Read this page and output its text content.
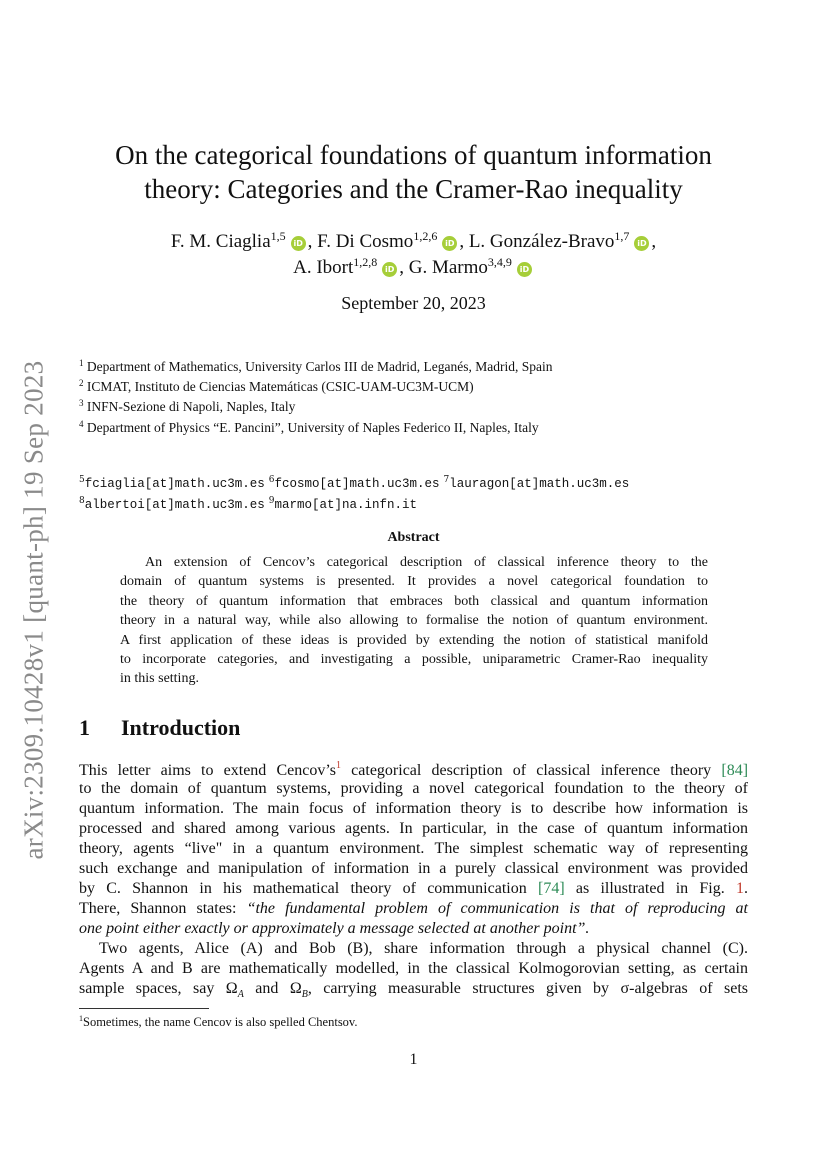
arXiv:2309.10428v1 [quant-ph] 19 Sep 2023
On the categorical foundations of quantum information
theory: Categories and the Cramer-Rao inequality
F. M. Ciaglia$^{1,5}$iD , F. Di Cosmo$^{1,2,6}$iD , L. González-Bravo$^{1,7}$iD ,
A. Ibort$^{1,2,8}$iD , G. Marmo$^{3,4,9}$iD
September 20, 2023
$^1$ Department of Mathematics, University Carlos III de Madrid, Leganés, Madrid, Spain
$^2$ ICMAT, Instituto de Ciencias Matemáticas (CSIC-UAM-UC3M-UCM)
$^3$ INFN-Sezione di Napoli, Naples, Italy
$^4$ Department of Physics “E. Pancini”, University of Naples Federico II, Naples, Italy
$^5$fciaglia[at]math.uc3m.es $^6$fcosmo[at]math.uc3m.es $^7$lauragon[at]math.uc3m.es
$^8$albertoi[at]math.uc3m.es $^9$marmo[at]na.infn.it
Abstract
An extension of Cencov’s categorical description of classical inference theory to the
domain of quantum systems is presented. It provides a novel categorical foundation to
the theory of quantum information that embraces both classical and quantum information
theory in a natural way, while also allowing to formalise the notion of quantum environment.
A first application of these ideas is provided by extending the notion of statistical manifold
to incorporate categories, and investigating a possible, uniparametric Cramer-Rao inequality
in this setting.
1 Introduction
This letter aims to extend Cencov’s$^1$ categorical description of classical inference theory [84]
to the domain of quantum systems, providing a novel categorical foundation to the theory of
quantum information. The main focus of information theory is to describe how information is
processed and shared among various agents. In particular, in the case of quantum information
theory, agents “live" in a quantum environment. The simplest schematic way of representing
such exchange and manipulation of information in a purely classical environment was provided
by C. Shannon in his mathematical theory of communication [74] as illustrated in Fig. 1.
There, Shannon states: “the fundamental problem of communication is that of reproducing at
one point either exactly or approximately a message selected at another point”.
Two agents, Alice (A) and Bob (B), share information through a physical channel (C).
Agents A and B are mathematically modelled, in the classical Kolmogorovian setting, as certain
sample spaces, say $\Omega_A$ and $\Omega_B$, carrying measurable structures given by σ-algebras of sets
$^1$Sometimes, the name Cencov is also spelled Chentsov.
1
